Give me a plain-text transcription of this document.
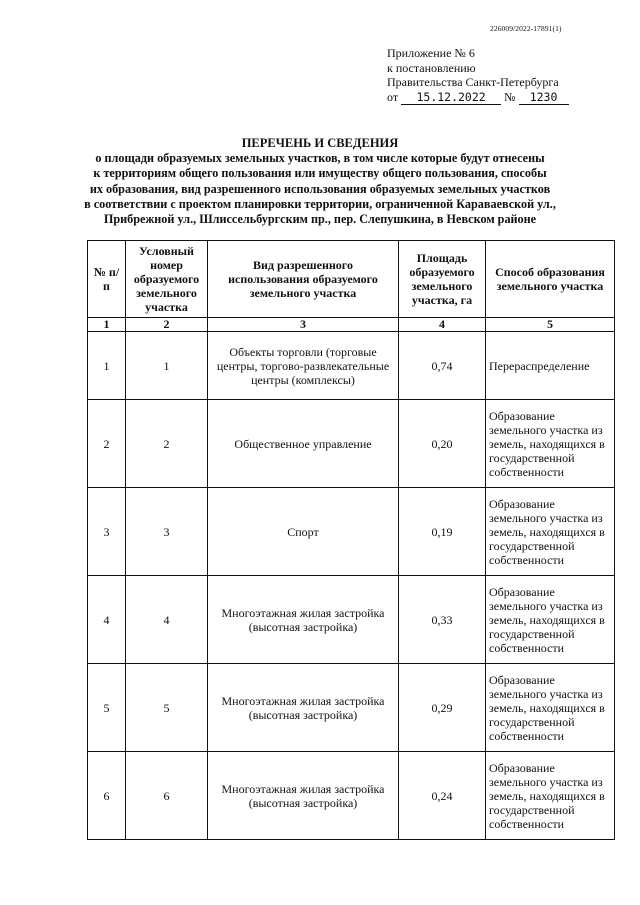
226009/2022-17891(1)
Приложение № 6
к постановлению
Правительства Санкт-Петербурга
от 15.12.2022 № 1230
ПЕРЕЧЕНЬ И СВЕДЕНИЯ
о площади образуемых земельных участков, в том числе которые будут отнесены
к территориям общего пользования или имуществу общего пользования, способы
их образования, вид разрешенного использования образуемых земельных участков
в соответствии с проектом планировки территории, ограниченной Караваевской ул.,
Прибрежной ул., Шлиссельбургским пр., пер. Слепушкина, в Невском районе
№ п/п	Условный номер образуемого земельного участка	Вид разрешенного использования образуемого земельного участка	Площадь образуемого земельного участка, га	Способ образования земельного участка
1	2	3	4	5
1	1	Объекты торговли (торговые центры, торгово-развлекательные центры (комплексы)	0,74	Перераспределение
2	2	Общественное управление	0,20	Образование земельного участка из земель, находящихся в государственной собственности
3	3	Спорт	0,19	Образование земельного участка из земель, находящихся в государственной собственности
4	4	Многоэтажная жилая застройка (высотная застройка)	0,33	Образование земельного участка из земель, находящихся в государственной собственности
5	5	Многоэтажная жилая застройка (высотная застройка)	0,29	Образование земельного участка из земель, находящихся в государственной собственности
6	6	Многоэтажная жилая застройка (высотная застройка)	0,24	Образование земельного участка из земель, находящихся в государственной собственности
